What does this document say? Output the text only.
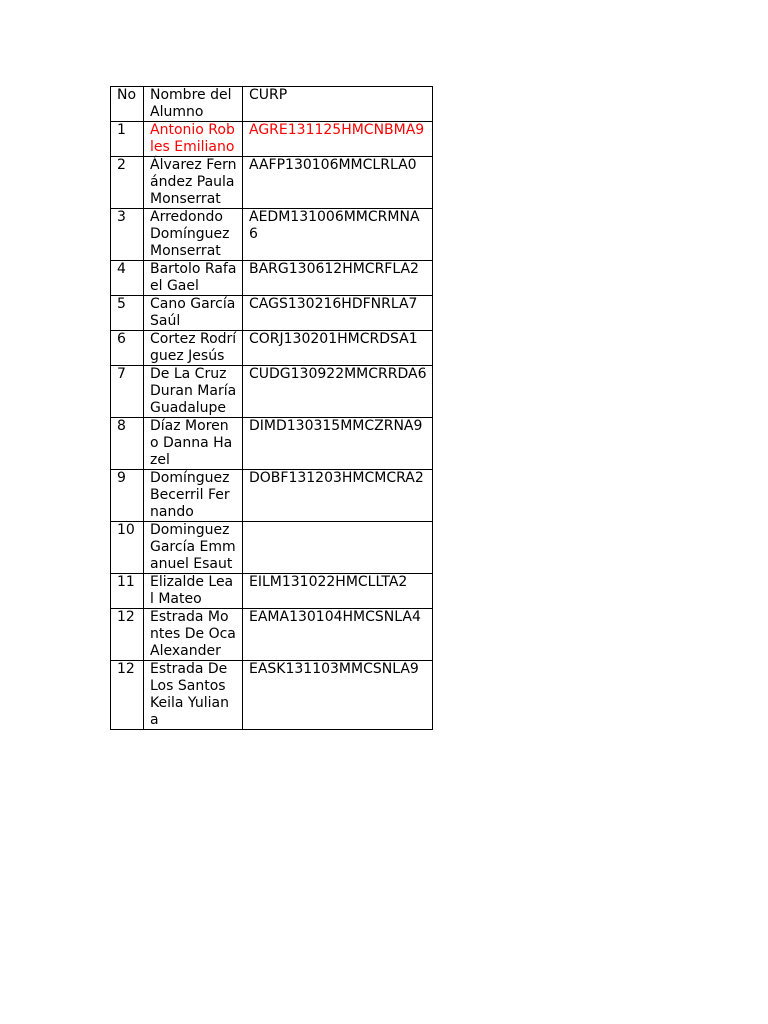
No	Nombre del Alumno	CURP
1	Antonio Robles Emiliano	AGRE131125HMCNBMA9
2	Álvarez Fernández Paula Monserrat	AAFP130106MMCLRLA0
3	Arredondo Domínguez Monserrat	AEDM131006MMCRMNA6
4	Bartolo Rafael Gael	BARG130612HMCRFLA2
5	Cano García Saúl	CAGS130216HDFNRLA7
6	Cortez Rodríguez Jesús	CORJ130201HMCRDSA1
7	De La Cruz Duran María Guadalupe	CUDG130922MMCRRDA6
8	Díaz Moreno Danna Hazel	DIMD130315MMCZRNA9
9	Domínguez Becerril Fernando	DOBF131203HMCMCRA2
10	Dominguez García Emmanuel Esaut	
11	Elizalde Leal Mateo	EILM131022HMCLLTA2
12	Estrada Montes De Oca Alexander	EAMA130104HMCSNLA4
12	Estrada De Los Santos Keila Yuliana	EASK131103MMCSNLA9
